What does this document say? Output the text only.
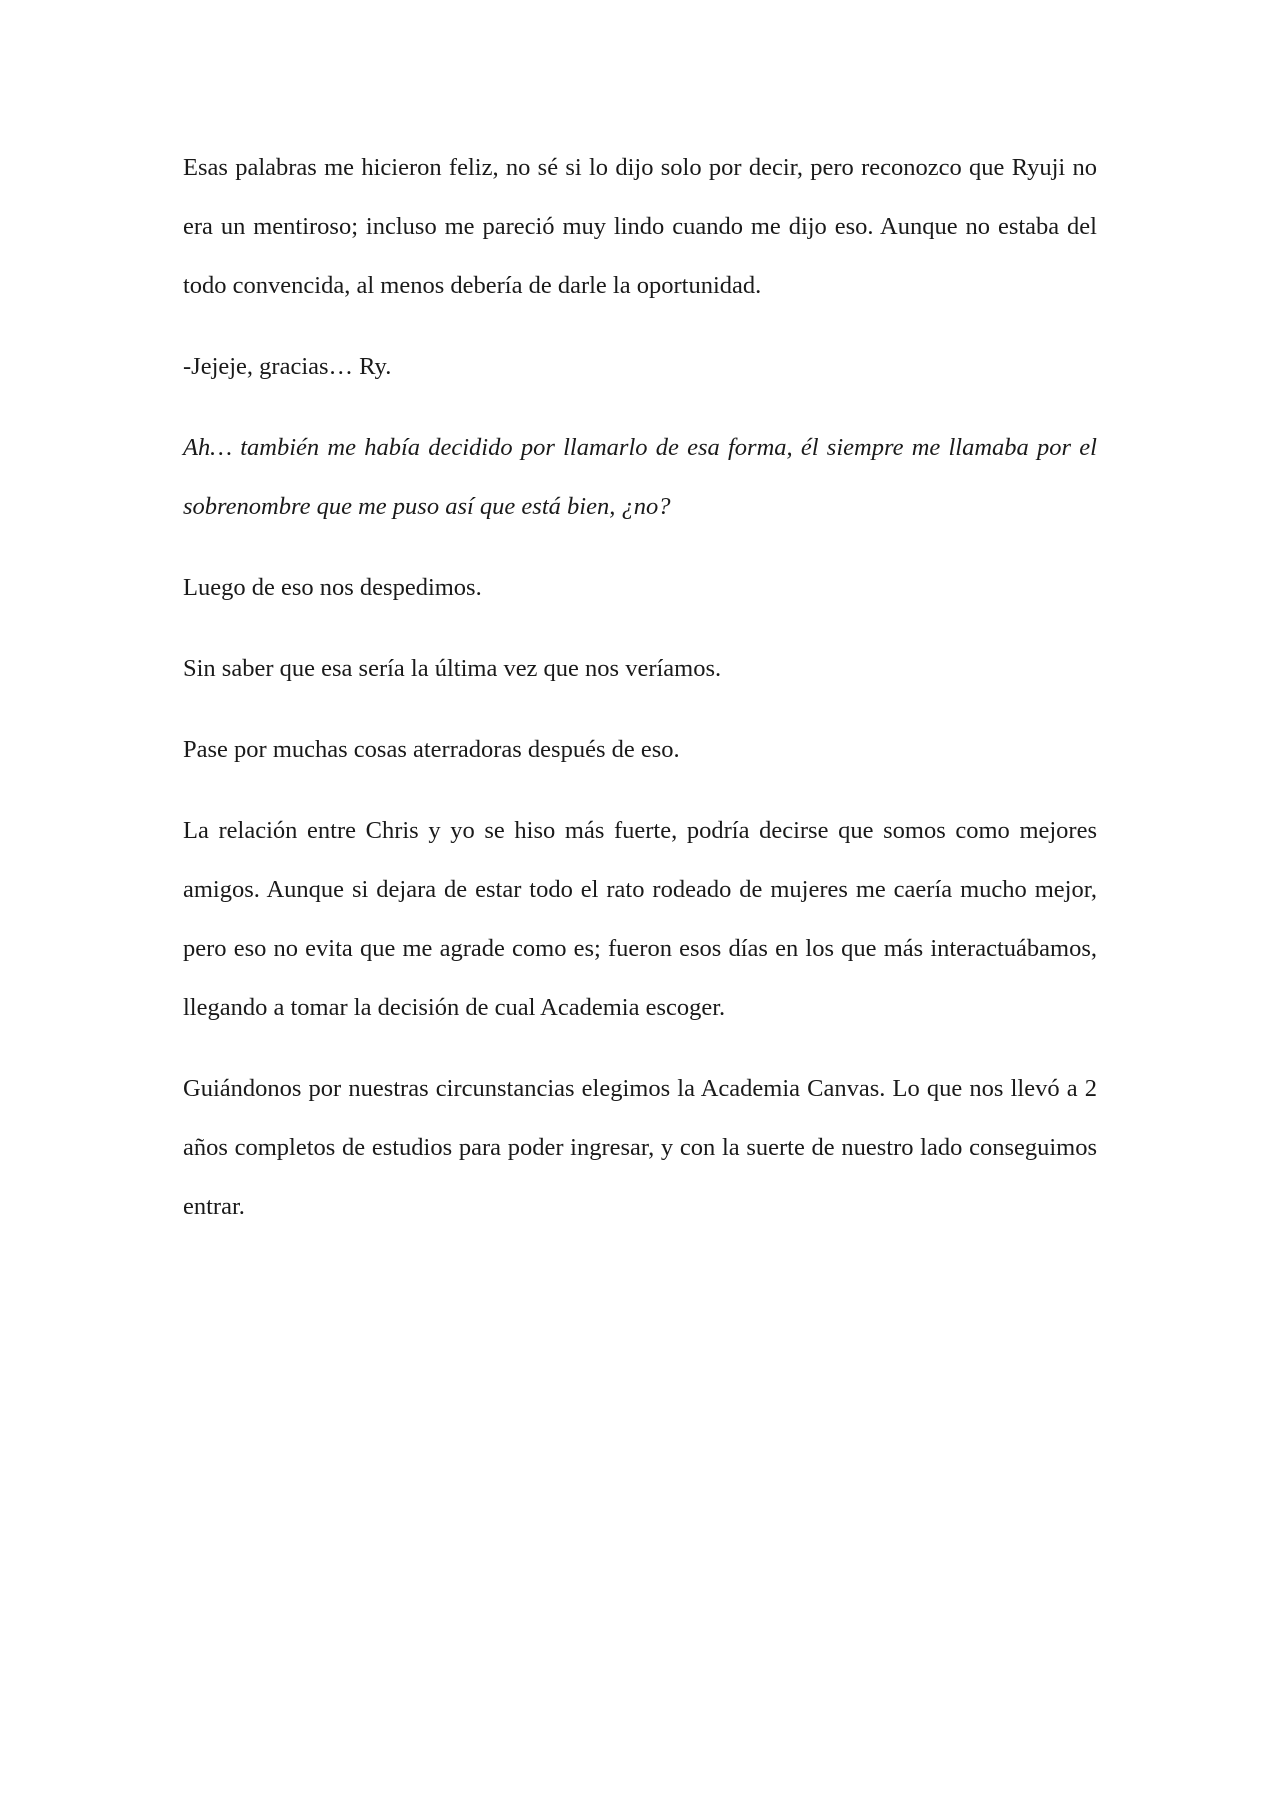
Esas palabras me hicieron feliz, no sé si lo dijo solo por decir, pero reconozco que Ryuji no era un mentiroso; incluso me pareció muy lindo cuando me dijo eso. Aunque no estaba del todo convencida, al menos debería de darle la oportunidad.

-Jejeje, gracias… Ry.

Ah… también me había decidido por llamarlo de esa forma, él siempre me llamaba por el sobrenombre que me puso así que está bien, ¿no?

Luego de eso nos despedimos.

Sin saber que esa sería la última vez que nos veríamos.

Pase por muchas cosas aterradoras después de eso.

La relación entre Chris y yo se hiso más fuerte, podría decirse que somos como mejores amigos. Aunque si dejara de estar todo el rato rodeado de mujeres me caería mucho mejor, pero eso no evita que me agrade como es; fueron esos días en los que más interactuábamos, llegando a tomar la decisión de cual Academia escoger.

Guiándonos por nuestras circunstancias elegimos la Academia Canvas. Lo que nos llevó a 2 años completos de estudios para poder ingresar, y con la suerte de nuestro lado conseguimos entrar.
